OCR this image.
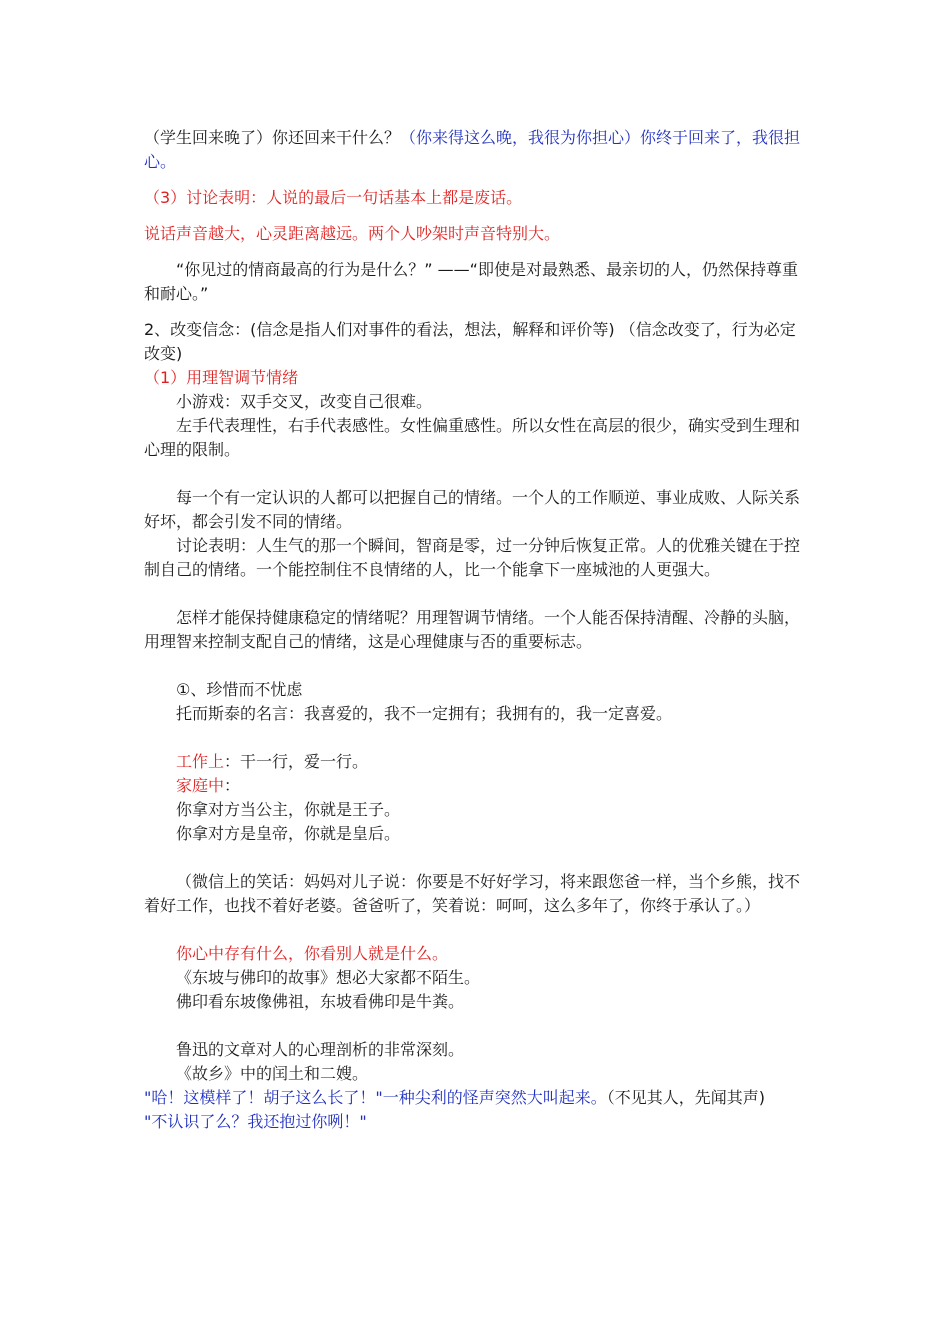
（学生回来晚了）你还回来干什么？（你来得这么晚，我很为你担心）你终于回来了，我很担心。

（3）讨论表明：人说的最后一句话基本上都是废话。

说话声音越大，心灵距离越远。两个人吵架时声音特别大。

“你见过的情商最高的行为是什么？” ——“即使是对最熟悉、最亲切的人，仍然保持尊重和耐心。”

2、改变信念：(信念是指人们对事件的看法，想法，解释和评价等) （信念改变了，行为必定改变)

（1）用理智调节情绪

小游戏：双手交叉，改变自己很难。

左手代表理性，右手代表感性。女性偏重感性。所以女性在高层的很少，确实受到生理和心理的限制。

每一个有一定认识的人都可以把握自己的情绪。一个人的工作顺逆、事业成败、人际关系好坏，都会引发不同的情绪。

讨论表明：人生气的那一个瞬间，智商是零，过一分钟后恢复正常。人的优雅关键在于控制自己的情绪。一个能控制住不良情绪的人，比一个能拿下一座城池的人更强大。

怎样才能保持健康稳定的情绪呢？用理智调节情绪。一个人能否保持清醒、冷静的头脑，用理智来控制支配自己的情绪，这是心理健康与否的重要标志。

①、珍惜而不忧虑

托而斯泰的名言：我喜爱的，我不一定拥有；我拥有的，我一定喜爱。

工作上：干一行，爱一行。

家庭中：

你拿对方当公主，你就是王子。

你拿对方是皇帝，你就是皇后。

（微信上的笑话：妈妈对儿子说：你要是不好好学习，将来跟您爸一样，当个乡熊，找不着好工作，也找不着好老婆。爸爸听了，笑着说：呵呵，这么多年了，你终于承认了。）

你心中存有什么，你看别人就是什么。

《东坡与佛印的故事》想必大家都不陌生。

佛印看东坡像佛祖，东坡看佛印是牛粪。

鲁迅的文章对人的心理剖析的非常深刻。

《故乡》中的闰土和二嫂。

"哈！这模样了！胡子这么长了！"一种尖利的怪声突然大叫起来。（不见其人，先闻其声)

"不认识了么？我还抱过你咧！"
